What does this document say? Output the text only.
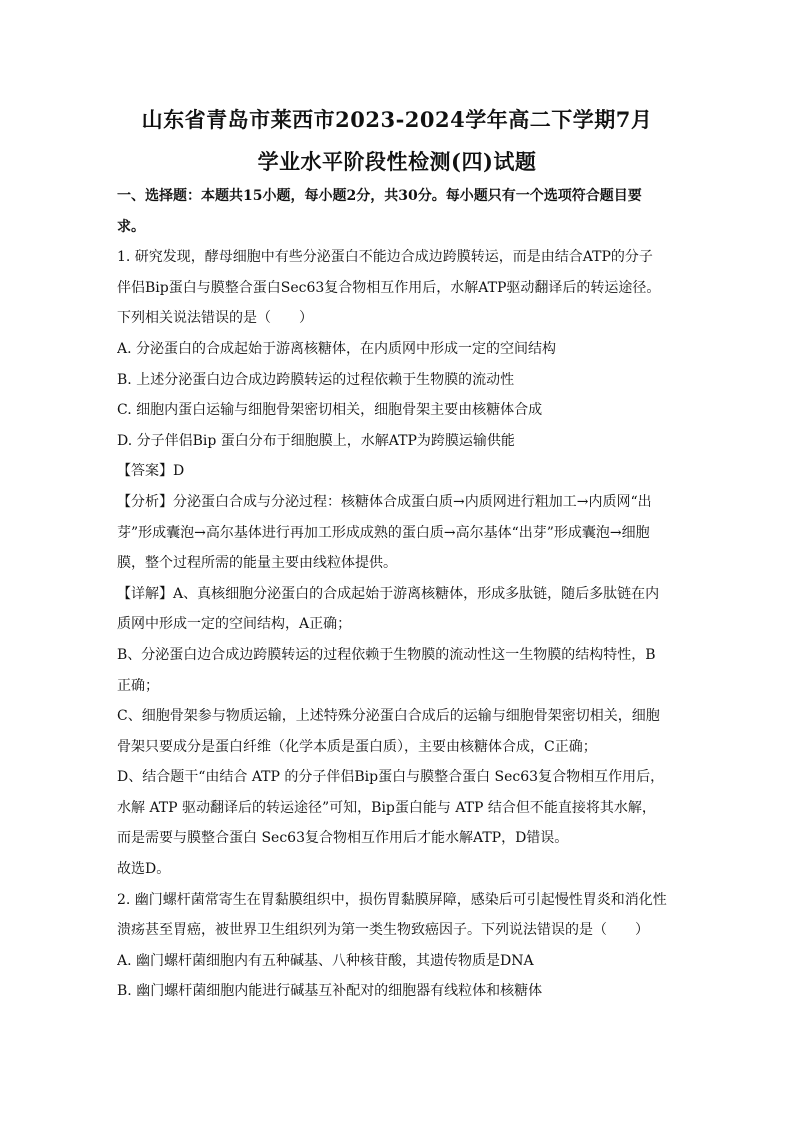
山东省青岛市莱西市2023-2024学年高二下学期7月
学业水平阶段性检测(四)试题
一、选择题：本题共15小题，每小题2分，共30分。每小题只有一个选项符合题目要
求。
1. 研究发现，酵母细胞中有些分泌蛋白不能边合成边跨膜转运，而是由结合ATP的分子
伴侣Bip蛋白与膜整合蛋白Sec63复合物相互作用后，水解ATP驱动翻译后的转运途径。
下列相关说法错误的是（　　）
A. 分泌蛋白的合成起始于游离核糖体，在内质网中形成一定的空间结构
B. 上述分泌蛋白边合成边跨膜转运的过程依赖于生物膜的流动性
C. 细胞内蛋白运输与细胞骨架密切相关，细胞骨架主要由核糖体合成
D. 分子伴侣Bip 蛋白分布于细胞膜上，水解ATP为跨膜运输供能
【答案】D
【分析】分泌蛋白合成与分泌过程：核糖体合成蛋白质→内质网进行粗加工→内质网“出
芽”形成囊泡→高尔基体进行再加工形成成熟的蛋白质→高尔基体“出芽”形成囊泡→细胞
膜，整个过程所需的能量主要由线粒体提供。
【详解】A、真核细胞分泌蛋白的合成起始于游离核糖体，形成多肽链，随后多肽链在内
质网中形成一定的空间结构，A正确；
B、分泌蛋白边合成边跨膜转运的过程依赖于生物膜的流动性这一生物膜的结构特性，B
正确；
C、细胞骨架参与物质运输，上述特殊分泌蛋白合成后的运输与细胞骨架密切相关，细胞
骨架只要成分是蛋白纤维（化学本质是蛋白质），主要由核糖体合成，C正确；
D、结合题干“由结合 ATP 的分子伴侣Bip蛋白与膜整合蛋白 Sec63复合物相互作用后，
水解 ATP 驱动翻译后的转运途径”可知，Bip蛋白能与 ATP 结合但不能直接将其水解，
而是需要与膜整合蛋白 Sec63复合物相互作用后才能水解ATP，D错误。
故选D。
2. 幽门螺杆菌常寄生在胃黏膜组织中，损伤胃黏膜屏障，感染后可引起慢性胃炎和消化性
溃疡甚至胃癌，被世界卫生组织列为第一类生物致癌因子。下列说法错误的是（　　）
A. 幽门螺杆菌细胞内有五种碱基、八种核苷酸，其遗传物质是DNA
B. 幽门螺杆菌细胞内能进行碱基互补配对的细胞器有线粒体和核糖体
